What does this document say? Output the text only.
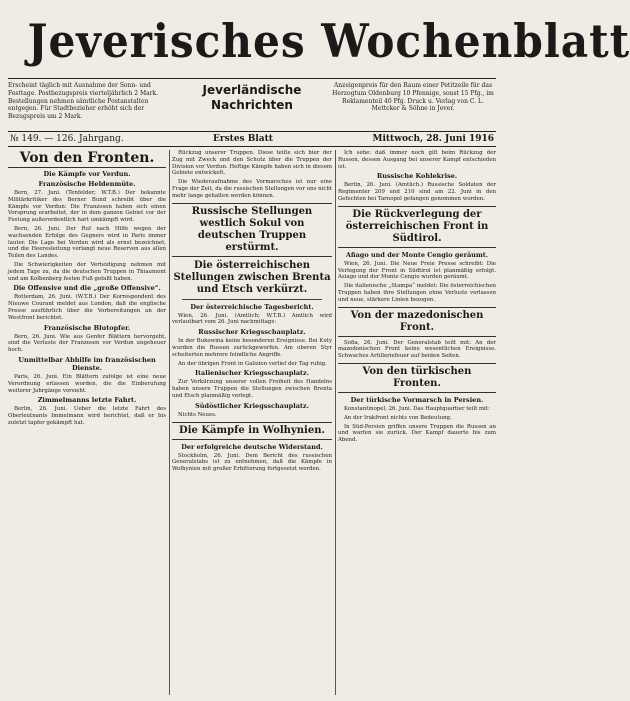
Jeverisches Wochenblatt
Erscheint täglich mit Ausnahme der Sonn- und Festtage. Postbezugspreis vierteljährlich 2 Mark. Bestellungen nehmen sämtliche Postanstalten entgegen. Für Stadtbezieher erhöht sich der Bezugspreis um 2 Mark.
Jeverländische
Nachrichten
Anzeigenpreis für den Raum einer Petitzeile für das Herzogtum Oldenburg 10 Pfennige, sonst 15 Pfg., im Reklamenteil 40 Pfg. Druck u. Verlag von C. L. Mettcker & Söhne in Jever.
№ 149. — 126. Jahrgang.	Erstes Blatt	Mittwoch, 28. Juni 1916
Von den Fronten.
Die Kämpfe vor Verdun.
Französische Heldenmüte.

Bern, 27. Juni. (Tenfelder; W.T.B.) Der bekannte Militärkritiker des Berner Bund schreibt über die Kämpfe vor Verdun: Die Franzosen haben sich einen Vorsprung erarbeitet, der in dem ganzen Gebiet vor der Festung außerordentlich hart umkämpft wird.

Bern, 26. Juni. Der Ruf nach Hilfe wegen der wachsenden Erfolge des Gegners wird in Paris immer lauter. Die Lage bei Verdun wird als ernst bezeichnet, und die Heeresleitung verlangt neue Reserven aus allen Teilen des Landes.

Die Schwierigkeiten der Verteidigung nehmen mit jedem Tage zu, da die deutschen Truppen in Thiaumont und am Kolbenberg festen Fuß gefaßt haben.

Die Offensive und die „große Offensive“.

Rotterdam, 26. Juni. (W.T.B.) Der Korrespondent des Nieuwe Courant meldet aus London, daß die englische Presse ausführlich über die Vorbereitungen an der Westfront berichtet.

Französische Blutopfer.

Bern, 26. Juni. Wie aus Genfer Blättern hervorgeht, sind die Verluste der Franzosen vor Verdun ungeheuer hoch.

Unmittelbar Abhilfe im französischen Dienste.

Paris, 26. Juni. Ein Blättern zufolge ist eine neue Verordnung erlassen worden, die die Einberufung weiterer Jahrgänge vorsieht.

Zimmelmanns letzte Fahrt.

Berlin, 26. Juni. Ueber die letzte Fahrt des Oberleutnants Immelmann wird berichtet, daß er bis zuletzt tapfer gekämpft hat.

Rückzug unserer Truppen. Diese teilte sich hier der Zug mit Zweck und den Schutz über die Truppen der Division vor Verdun. Heftige Kämpfe haben sich in diesem Gebiete entwickelt.

Die Wiederaufnahme des Vormarsches ist nur eine Frage der Zeit, da die russischen Stellungen vor uns nicht mehr lange gehalten werden können.

Russische Stellungen westlich Sokul von deutschen Truppen erstürmt.
Die österreichischen Stellungen zwischen Brenta und Etsch verkürzt.
Der österreichische Tagesbericht.

Wien, 26. Juni. (Amtlich; W.T.B.) Amtlich wird verlautbart vom 26. Juni nachmittags:

Russischer Kriegsschauplatz.

In der Bukowina keine besonderen Ereignisse. Bei Kuty wurden die Russen zurückgeworfen. Am oberen Styr scheiterten mehrere feindliche Angriffe.

An der übrigen Front in Galizien verlief der Tag ruhig.

Italienischer Kriegsschauplatz.

Zur Verkürzung unserer vollen Freiheit des Handelns haben unsere Truppen die Stellungen zwischen Brenta und Etsch planmäßig verlegt.

Südöstlicher Kriegsschauplatz.

Nichts Neues.

Die Kämpfe in Wolhynien.
Der erfolgreiche deutsche Widerstand.

Stockholm, 26. Juni. Dem Bericht des russischen Generalstabs ist zu entnehmen, daß die Kämpfe in Wolhynien mit großer Erbitterung fortgesetzt werden.

Ich sehe: daß immer noch gilt beim Rückzug der Russen, dessen Ausgang bei unserer Kampf entschieden ist.

Russische Kohlekrise.

Berlin, 26. Juni. (Amtlich.) Russische Soldaten der Regimenter 209 und 210 sind am 22. Juni in den Gefechten bei Tarnopol gefangen genommen worden.

Die Rückverlegung der österreichischen Front in Südtirol.
Afiago und der Monte Cengio geräumt.

Wien, 26. Juni. Die Neue Freie Presse schreibt: Die Verlegung der Front in Südtirol ist planmäßig erfolgt. Asiago und der Monte Cengio wurden geräumt.

Die italienische „Stampa“ meldet: Die österreichischen Truppen haben ihre Stellungen ohne Verluste verlassen und neue, stärkere Linien bezogen.

Von der mazedonischen Front.

Sofia, 26. Juni. Der Generalstab teilt mit: An der mazedonischen Front keine wesentlichen Ereignisse. Schwaches Artilleriefeuer auf beiden Seiten.

Von den türkischen Fronten.
Der türkische Vormarsch in Persien.

Konstantinopel, 26. Juni. Das Hauptquartier teilt mit:

An der Irakfront nichts von Bedeutung.

In Süd-Persien griffen unsere Truppen die Russen an und warfen sie zurück. Der Kampf dauerte bis zum Abend.
